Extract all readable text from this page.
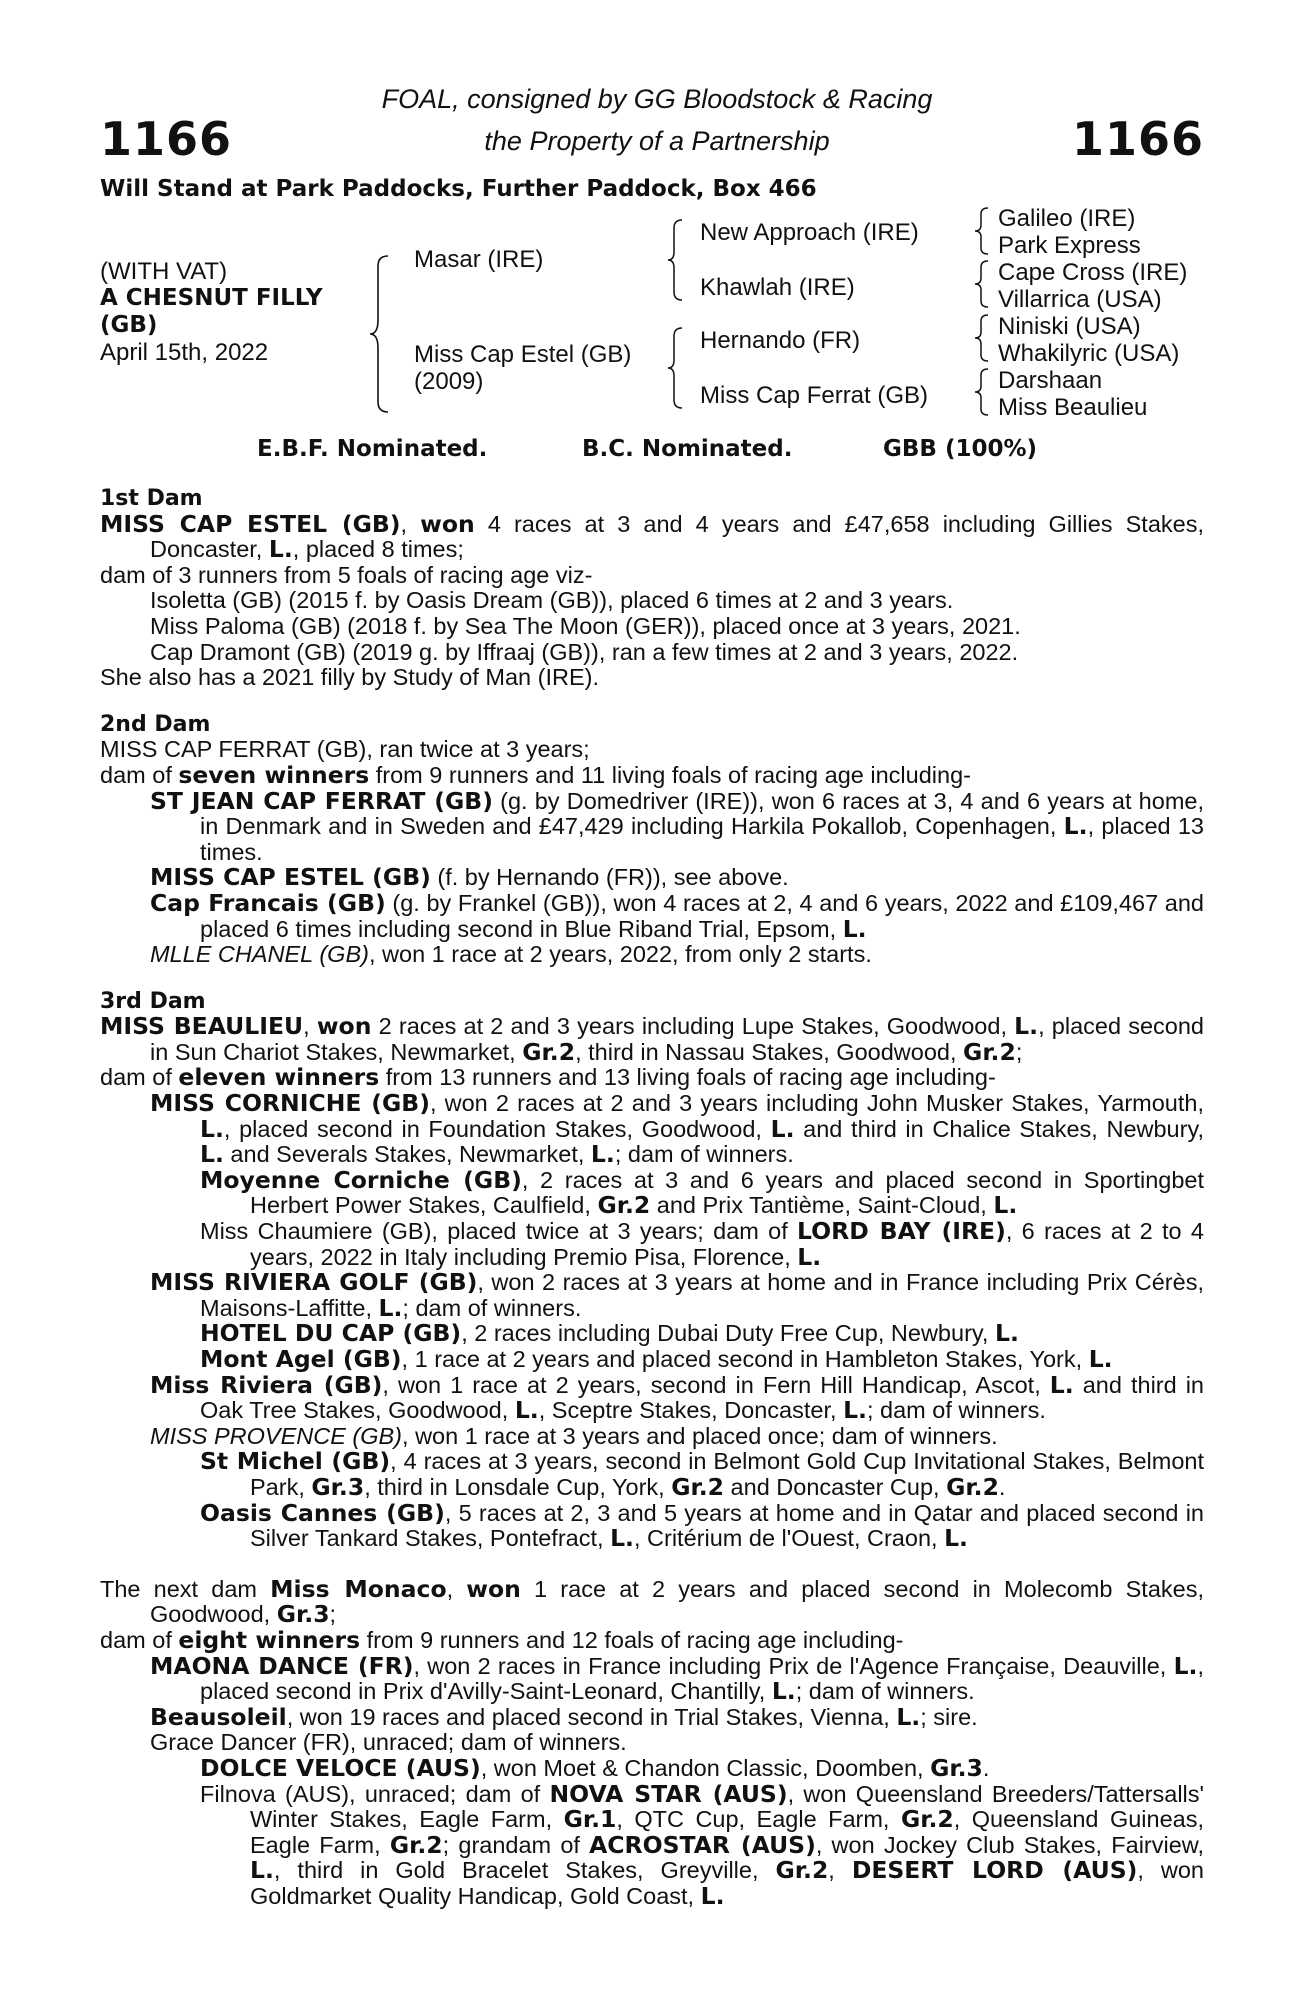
1166	1166
FOAL, consigned by GG Bloodstock & Racing
the Property of a Partnership
Will Stand at Park Paddocks, Further Paddock, Box 466
(WITH VAT)
A CHESNUT FILLY
(GB)
April 15th, 2022
Masar (IRE)
Miss Cap Estel (GB)
(2009)
New Approach (IRE)
Khawlah (IRE)
Hernando (FR)
Miss Cap Ferrat (GB)
Galileo (IRE)
Park Express
Cape Cross (IRE)
Villarrica (USA)
Niniski (USA)
Whakilyric (USA)
Darshaan
Miss Beaulieu
E.B.F. Nominated.	B.C. Nominated.	GBB (100%)
1st Dam
MISS CAP ESTEL (GB), won 4 races at 3 and 4 years and £47,658 including Gillies Stakes, Doncaster, L., placed 8 times;
dam of 3 runners from 5 foals of racing age viz-
Isoletta (GB) (2015 f. by Oasis Dream (GB)), placed 6 times at 2 and 3 years.
Miss Paloma (GB) (2018 f. by Sea The Moon (GER)), placed once at 3 years, 2021.
Cap Dramont (GB) (2019 g. by Iffraaj (GB)), ran a few times at 2 and 3 years, 2022.
She also has a 2021 filly by Study of Man (IRE).
2nd Dam
MISS CAP FERRAT (GB), ran twice at 3 years;
dam of seven winners from 9 runners and 11 living foals of racing age including-
ST JEAN CAP FERRAT (GB) (g. by Domedriver (IRE)), won 6 races at 3, 4 and 6 years at home, in Denmark and in Sweden and £47,429 including Harkila Pokallob, Copenhagen, L., placed 13 times.
MISS CAP ESTEL (GB) (f. by Hernando (FR)), see above.
Cap Francais (GB) (g. by Frankel (GB)), won 4 races at 2, 4 and 6 years, 2022 and £109,467 and placed 6 times including second in Blue Riband Trial, Epsom, L.
MLLE CHANEL (GB), won 1 race at 2 years, 2022, from only 2 starts.
3rd Dam
MISS BEAULIEU, won 2 races at 2 and 3 years including Lupe Stakes, Goodwood, L., placed second in Sun Chariot Stakes, Newmarket, Gr.2, third in Nassau Stakes, Goodwood, Gr.2;
dam of eleven winners from 13 runners and 13 living foals of racing age including-
MISS CORNICHE (GB), won 2 races at 2 and 3 years including John Musker Stakes, Yarmouth, L., placed second in Foundation Stakes, Goodwood, L. and third in Chalice Stakes, Newbury, L. and Severals Stakes, Newmarket, L.; dam of winners.
Moyenne Corniche (GB), 2 races at 3 and 6 years and placed second in Sportingbet Herbert Power Stakes, Caulfield, Gr.2 and Prix Tantième, Saint-Cloud, L.
Miss Chaumiere (GB), placed twice at 3 years; dam of LORD BAY (IRE), 6 races at 2 to 4 years, 2022 in Italy including Premio Pisa, Florence, L.
MISS RIVIERA GOLF (GB), won 2 races at 3 years at home and in France including Prix Cérès, Maisons-Laffitte, L.; dam of winners.
HOTEL DU CAP (GB), 2 races including Dubai Duty Free Cup, Newbury, L.
Mont Agel (GB), 1 race at 2 years and placed second in Hambleton Stakes, York, L.
Miss Riviera (GB), won 1 race at 2 years, second in Fern Hill Handicap, Ascot, L. and third in Oak Tree Stakes, Goodwood, L., Sceptre Stakes, Doncaster, L.; dam of winners.
MISS PROVENCE (GB), won 1 race at 3 years and placed once; dam of winners.
St Michel (GB), 4 races at 3 years, second in Belmont Gold Cup Invitational Stakes, Belmont Park, Gr.3, third in Lonsdale Cup, York, Gr.2 and Doncaster Cup, Gr.2.
Oasis Cannes (GB), 5 races at 2, 3 and 5 years at home and in Qatar and placed second in Silver Tankard Stakes, Pontefract, L., Critérium de l'Ouest, Craon, L.
The next dam Miss Monaco, won 1 race at 2 years and placed second in Molecomb Stakes, Goodwood, Gr.3;
dam of eight winners from 9 runners and 12 foals of racing age including-
MAONA DANCE (FR), won 2 races in France including Prix de l'Agence Française, Deauville, L., placed second in Prix d'Avilly-Saint-Leonard, Chantilly, L.; dam of winners.
Beausoleil, won 19 races and placed second in Trial Stakes, Vienna, L.; sire.
Grace Dancer (FR), unraced; dam of winners.
DOLCE VELOCE (AUS), won Moet & Chandon Classic, Doomben, Gr.3.
Filnova (AUS), unraced; dam of NOVA STAR (AUS), won Queensland Breeders/Tattersalls' Winter Stakes, Eagle Farm, Gr.1, QTC Cup, Eagle Farm, Gr.2, Queensland Guineas, Eagle Farm, Gr.2; grandam of ACROSTAR (AUS), won Jockey Club Stakes, Fairview, L., third in Gold Bracelet Stakes, Greyville, Gr.2, DESERT LORD (AUS), won Goldmarket Quality Handicap, Gold Coast, L.
